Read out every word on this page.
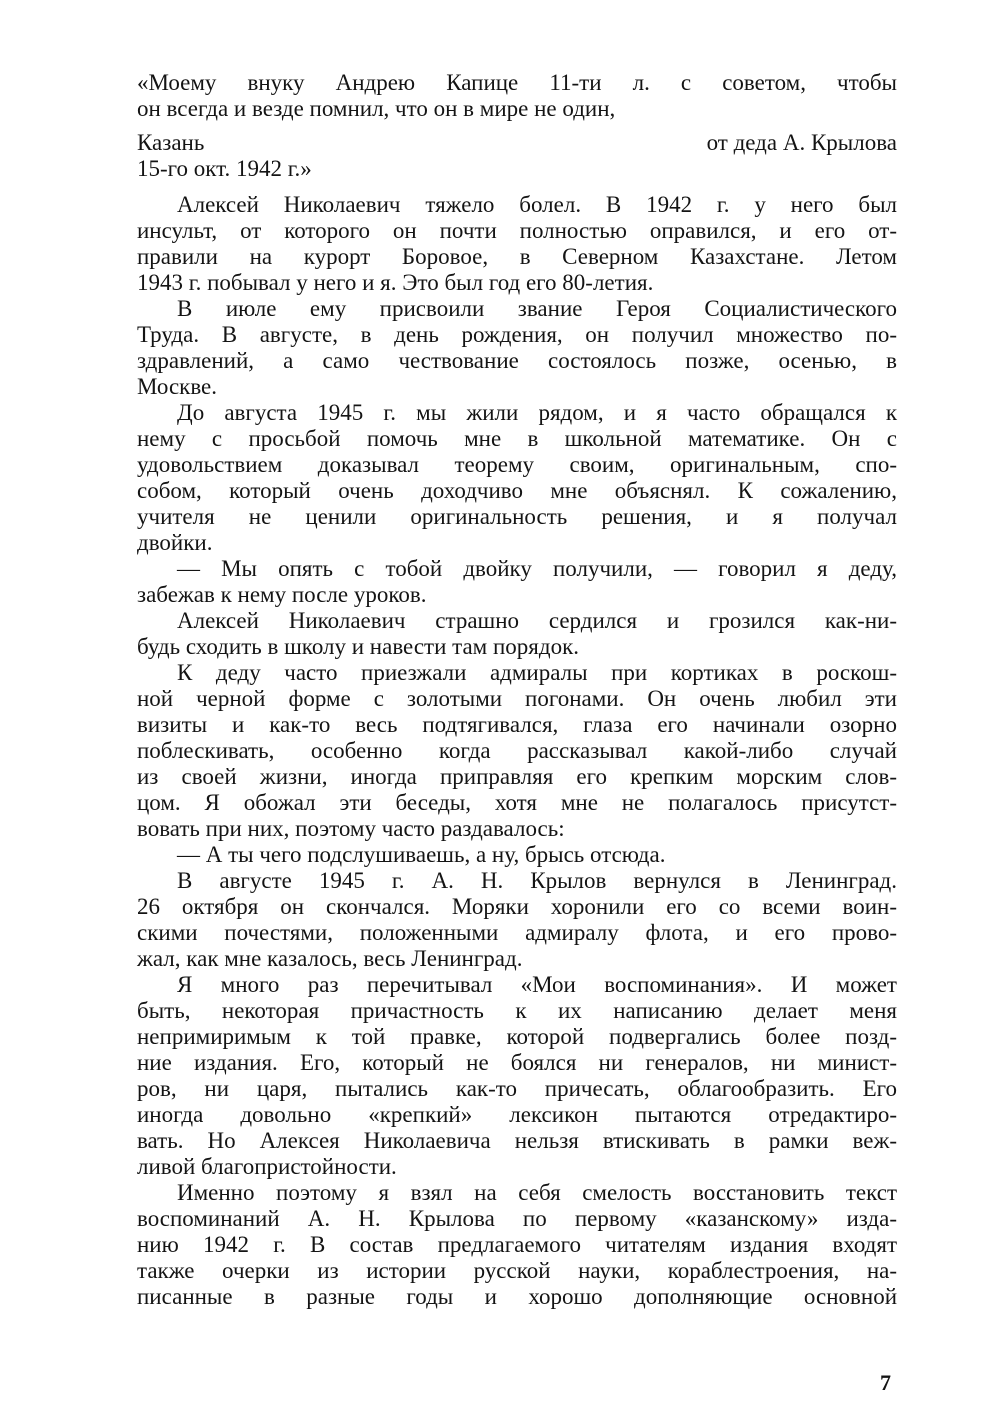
«Моему внуку Андрею Капице 11-ти л. с советом, чтобы
он всегда и везде помнил, что он в мире не один,
Казань	от деда А. Крылова
15-го окт. 1942 г.»
Алексей Николаевич тяжело болел. В 1942 г. у него был
инсульт, от которого он почти полностью оправился, и его от-
правили на курорт Боровое, в Северном Казахстане. Летом
1943 г. побывал у него и я. Это был год его 80-летия.
В июле ему присвоили звание Героя Социалистического
Труда. В августе, в день рождения, он получил множество по-
здравлений, а само чествование состоялось позже, осенью, в
Москве.
До августа 1945 г. мы жили рядом, и я часто обращался к
нему с просьбой помочь мне в школьной математике. Он с
удовольствием доказывал теорему своим, оригинальным, спо-
собом, который очень доходчиво мне объяснял. К сожалению,
учителя не ценили оригинальность решения, и я получал
двойки.
— Мы опять с тобой двойку получили, — говорил я деду,
забежав к нему после уроков.
Алексей Николаевич страшно сердился и грозился как-ни-
будь сходить в школу и навести там порядок.
К деду часто приезжали адмиралы при кортиках в роскош-
ной черной форме с золотыми погонами. Он очень любил эти
визиты и как-то весь подтягивался, глаза его начинали озорно
поблескивать, особенно когда рассказывал какой-либо случай
из своей жизни, иногда приправляя его крепким морским слов-
цом. Я обожал эти беседы, хотя мне не полагалось присутст-
вовать при них, поэтому часто раздавалось:
— А ты чего подслушиваешь, а ну, брысь отсюда.
В августе 1945 г. А. Н. Крылов вернулся в Ленинград.
26 октября он скончался. Моряки хоронили его со всеми воин-
скими почестями, положенными адмиралу флота, и его прово-
жал, как мне казалось, весь Ленинград.
Я много раз перечитывал «Мои воспоминания». И может
быть, некоторая причастность к их написанию делает меня
непримиримым к той правке, которой подвергались более позд-
ние издания. Его, который не боялся ни генералов, ни минист-
ров, ни царя, пытались как-то причесать, облагообразить. Его
иногда довольно «крепкий» лексикон пытаются отредактиро-
вать. Но Алексея Николаевича нельзя втискивать в рамки веж-
ливой благопристойности.
Именно поэтому я взял на себя смелость восстановить текст
воспоминаний А. Н. Крылова по первому «казанскому» изда-
нию 1942 г. В состав предлагаемого читателям издания входят
также очерки из истории русской науки, кораблестроения, на-
писанные в разные годы и хорошо дополняющие основной
7
